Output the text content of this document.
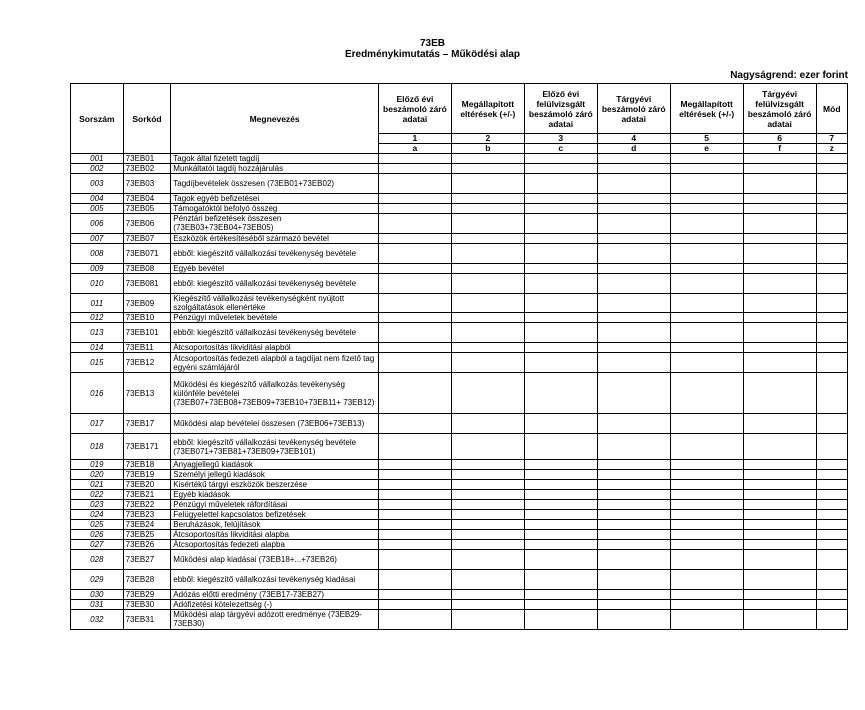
73EB
Eredménykimutatás – Működési alap
Nagyságrend: ezer forint
Sorszám	Sorkód	Megnevezés	Előző évi beszámoló záró adatai	Megállapított eltérések (+/-)	Előző évi felülvizsgált beszámoló záró adatai	Tárgyévi beszámoló záró adatai	Megállapított eltérések (+/-)	Tárgyévi felülvizsgált beszámoló záró adatai	Mód
			1	2	3	4	5	6	7
			a	b	c	d	e	f	z
001	73EB01	Tagok által fizetett tagdíj							
002	73EB02	Munkáltatói tagdíj hozzájárulás							
003	73EB03	Tagdíjbevételek összesen (73EB01+73EB02)							
004	73EB04	Tagok egyéb befizetései							
005	73EB05	Támogatóktól befolyó összeg							
006	73EB06	Pénztári befizetések összesen (73EB03+73EB04+73EB05)							
007	73EB07	Eszközök értékesítéséből származó bevétel							
008	73EB071	ebből: kiegészítő vállalkozási tevékenység bevétele							
009	73EB08	Egyéb bevétel							
010	73EB081	ebből: kiegészítő vállalkozási tevékenység bevétele							
011	73EB09	Kiegészítő vállalkozási tevékenységként nyújtott szolgáltatások ellenértéke							
012	73EB10	Pénzügyi műveletek bevétele							
013	73EB101	ebből: kiegészítő vállalkozási tevékenység bevétele							
014	73EB11	Átcsoportosítás likviditási alapból							
015	73EB12	Átcsoportosítás fedezeti alapból a tagdíjat nem fizető tag egyéni számlájáról							
016	73EB13	Működési és kiegészítő vállalkozás tevékenység különféle bevételei (73EB07+73EB08+73EB09+73EB10+73EB11+ 73EB12)							
017	73EB17	Működési alap bevételei összesen (73EB06+73EB13)							
018	73EB171	ebből: kiegészítő vállalkozási tevékenység bevétele (73EB071+73EB81+73EB09+73EB101)							
019	73EB18	Anyagjellegű kiadások							
020	73EB19	Személyi jellegű kiadások							
021	73EB20	Kisértékű tárgyi eszközök beszerzése							
022	73EB21	Egyéb kiadások							
023	73EB22	Pénzügyi műveletek ráfordításai							
024	73EB23	Felügyelettel kapcsolatos befizetések							
025	73EB24	Beruházások, felújítások							
026	73EB25	Átcsoportosítás likviditási alapba							
027	73EB26	Átcsoportosítás fedezeti alapba							
028	73EB27	Működési alap kiadásai (73EB18+...+73EB26)							
029	73EB28	ebből: kiegészítő vállalkozási tevékenység kiadásai							
030	73EB29	Adózás előtti eredmény (73EB17-73EB27)							
031	73EB30	Adófizetési kötelezettség (-)							
032	73EB31	Működési alap tárgyévi adózott eredménye (73EB29-73EB30)							
